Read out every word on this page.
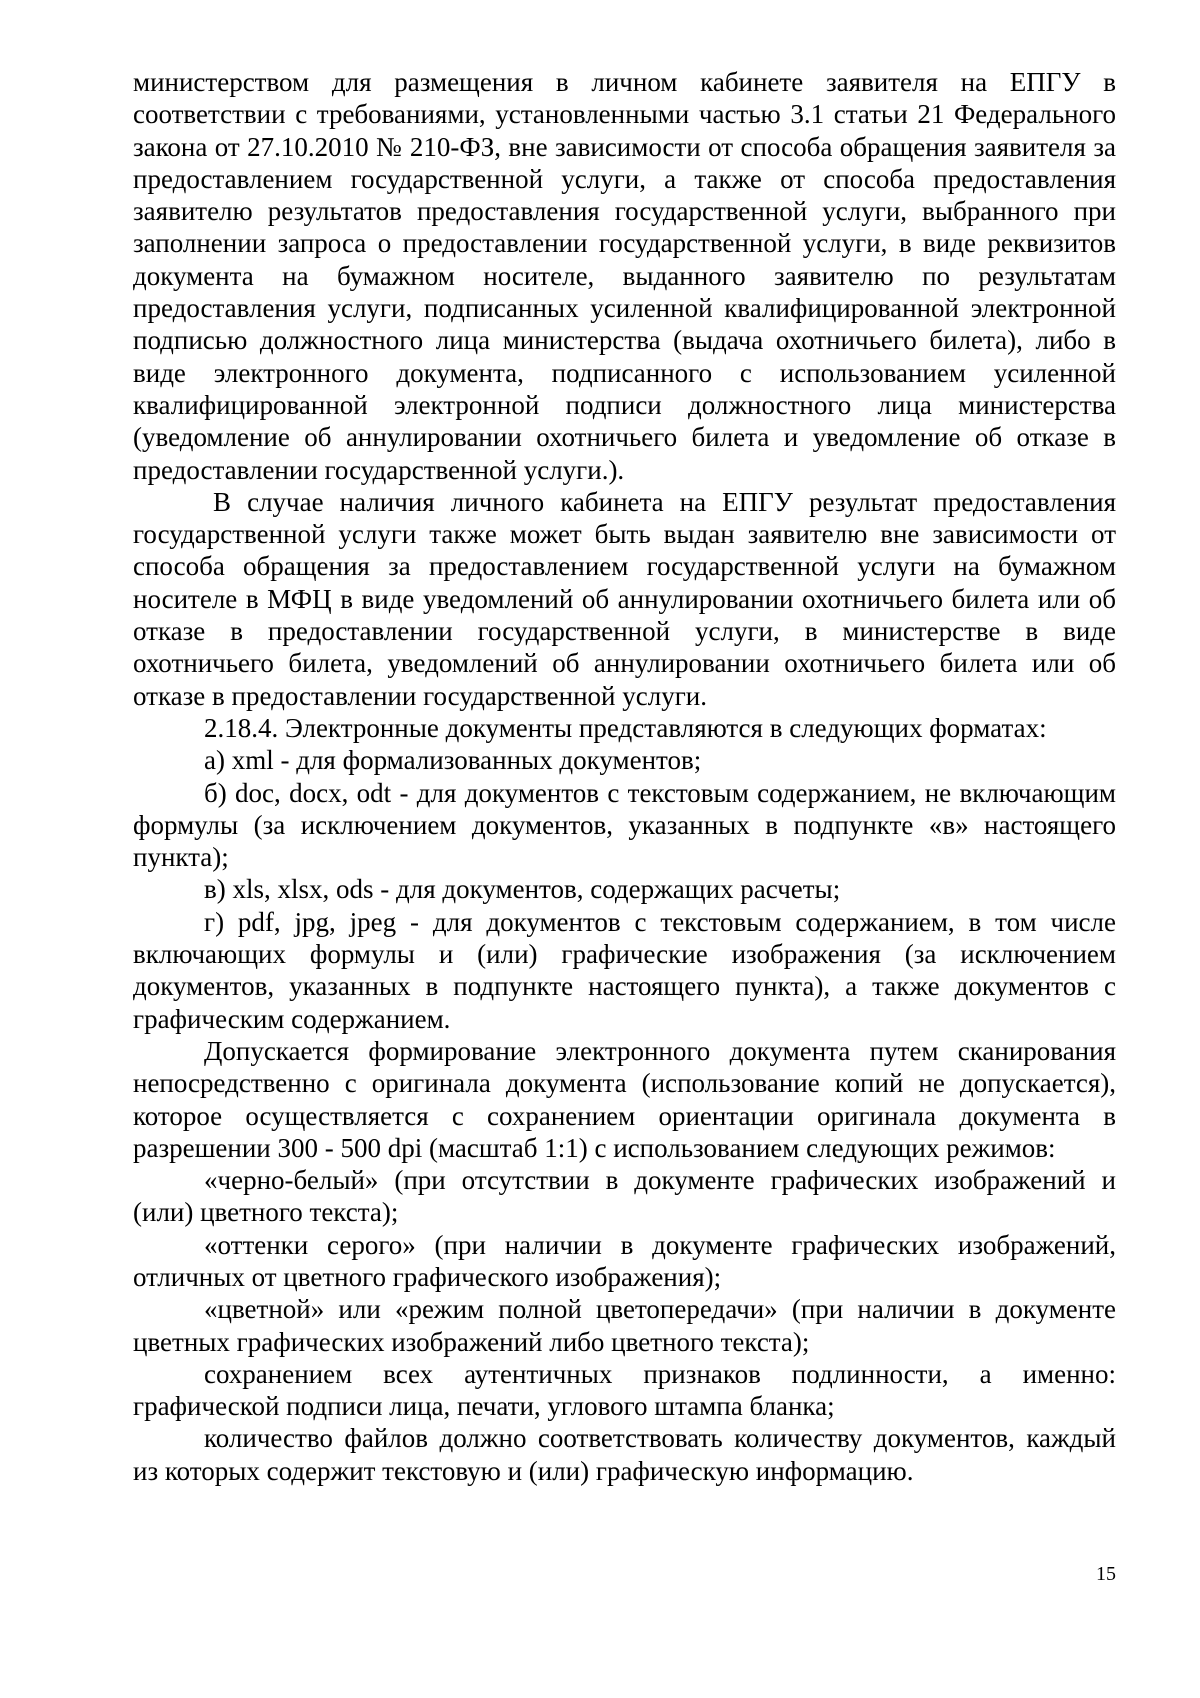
министерством для размещения в личном кабинете заявителя на ЕПГУ в соответствии с требованиями, установленными частью 3.1 статьи 21 Федерального закона от 27.10.2010 № 210-ФЗ, вне зависимости от способа обращения заявителя за предоставлением государственной услуги, а также от способа предоставления заявителю результатов предоставления государственной услуги, выбранного при заполнении запроса о предоставлении государственной услуги, в виде реквизитов документа на бумажном носителе, выданного заявителю по результатам предоставления услуги, подписанных усиленной квалифицированной электронной подписью должностного лица министерства (выдача охотничьего билета), либо в виде электронного документа, подписанного с использованием усиленной квалифицированной электронной подписи должностного лица министерства (уведомление об аннулировании охотничьего билета и уведомление об отказе в предоставлении государственной услуги.).

В случае наличия личного кабинета на ЕПГУ результат предоставления государственной услуги также может быть выдан заявителю вне зависимости от способа обращения за предоставлением государственной услуги на бумажном носителе в МФЦ в виде уведомлений об аннулировании охотничьего билета или об отказе в предоставлении государственной услуги, в министерстве в виде охотничьего билета, уведомлений об аннулировании охотничьего билета или об отказе в предоставлении государственной услуги.

2.18.4. Электронные документы представляются в следующих форматах:

а) xml - для формализованных документов;

б) doc, docx, odt - для документов с текстовым содержанием, не включающим формулы (за исключением документов, указанных в подпункте «в» настоящего пункта);

в) xls, xlsx, ods - для документов, содержащих расчеты;

г) pdf, jpg, jpeg - для документов с текстовым содержанием, в том числе включающих формулы и (или) графические изображения (за исключением документов, указанных в подпункте настоящего пункта), а также документов с графическим содержанием.

Допускается формирование электронного документа путем сканирования непосредственно с оригинала документа (использование копий не допускается), которое осуществляется с сохранением ориентации оригинала документа в разрешении 300 - 500 dpi (масштаб 1:1) с использованием следующих режимов:

«черно-белый» (при отсутствии в документе графических изображений и (или) цветного текста);

«оттенки серого» (при наличии в документе графических изображений, отличных от цветного графического изображения);

«цветной» или «режим полной цветопередачи» (при наличии в документе цветных графических изображений либо цветного текста);

сохранением всех аутентичных признаков подлинности, а именно: графической подписи лица, печати, углового штампа бланка;

количество файлов должно соответствовать количеству документов, каждый из которых содержит текстовую и (или) графическую информацию.

15
